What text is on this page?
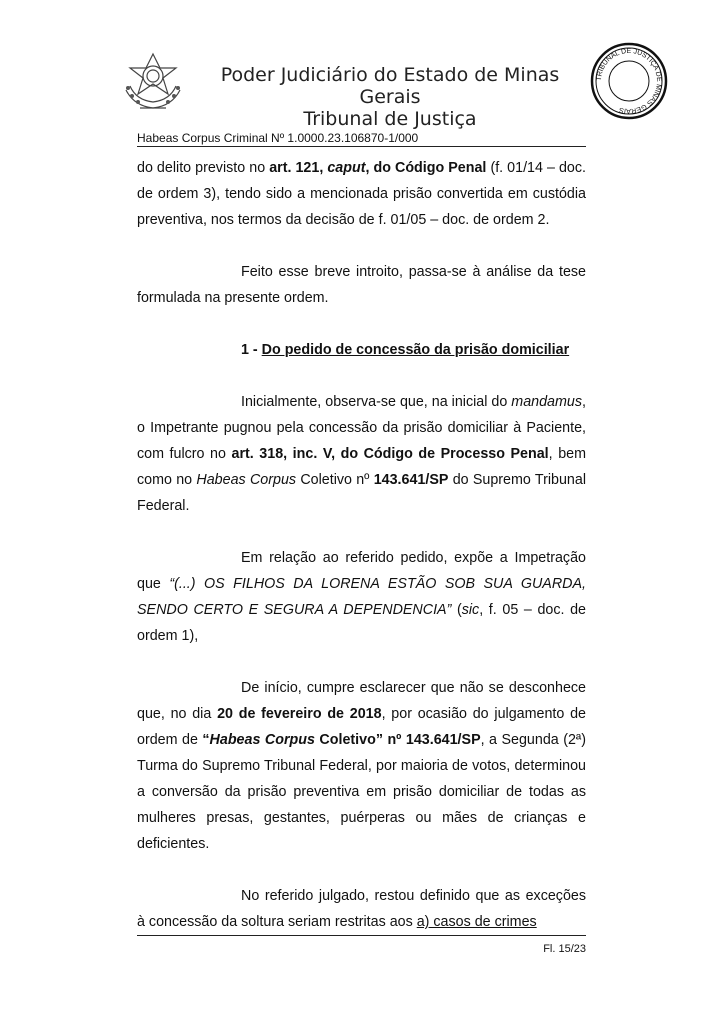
Poder Judiciário do Estado de Minas Gerais
Tribunal de Justiça
TRIBUNAL DE JUSTIÇA DE MINAS GERAIS
Habeas Corpus Criminal Nº 1.0000.23.106870-1/000

do delito previsto no art. 121, caput, do Código Penal (f. 01/14 – doc. de ordem 3), tendo sido a mencionada prisão convertida em custódia preventiva, nos termos da decisão de f. 01/05 – doc. de ordem 2.

Feito esse breve introito, passa-se à análise da tese formulada na presente ordem.

1 - Do pedido de concessão da prisão domiciliar

Inicialmente, observa-se que, na inicial do mandamus, o Impetrante pugnou pela concessão da prisão domiciliar à Paciente, com fulcro no art. 318, inc. V, do Código de Processo Penal, bem como no Habeas Corpus Coletivo nº 143.641/SP do Supremo Tribunal Federal.

Em relação ao referido pedido, expõe a Impetração que “(...) OS FILHOS DA LORENA ESTÃO SOB SUA GUARDA, SENDO CERTO E SEGURA A DEPENDENCIA” (sic, f. 05 – doc. de ordem 1),

De início, cumpre esclarecer que não se desconhece que, no dia 20 de fevereiro de 2018, por ocasião do julgamento de ordem de “Habeas Corpus Coletivo” nº 143.641/SP, a Segunda (2ª) Turma do Supremo Tribunal Federal, por maioria de votos, determinou a conversão da prisão preventiva em prisão domiciliar de todas as mulheres presas, gestantes, puérperas ou mães de crianças e deficientes.

No referido julgado, restou definido que as exceções à concessão da soltura seriam restritas aos a) casos de crimes

Fl. 15/23
